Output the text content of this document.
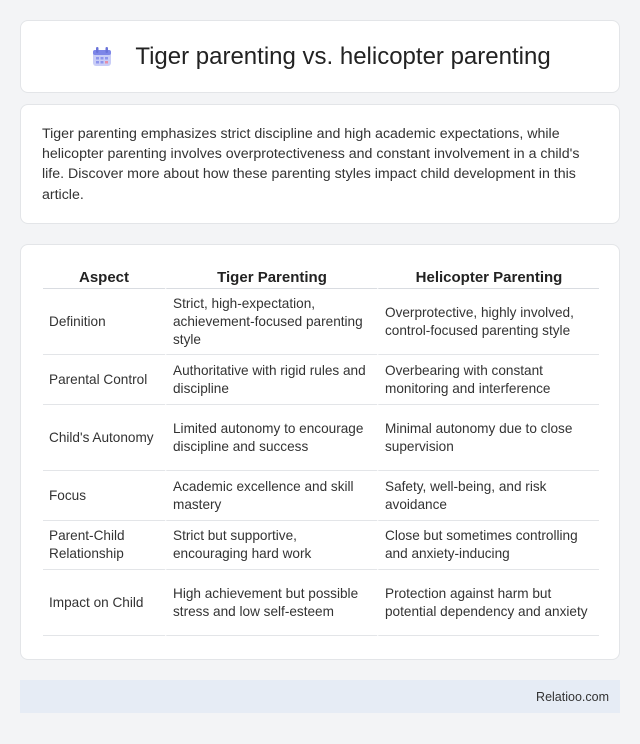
Tiger parenting vs. helicopter parenting

Tiger parenting emphasizes strict discipline and high academic expectations, while helicopter parenting involves overprotectiveness and constant involvement in a child's life. Discover more about how these parenting styles impact child development in this article.

Aspect	Tiger Parenting	Helicopter Parenting
Definition	Strict, high-expectation, achievement-focused parenting style	Overprotective, highly involved, control-focused parenting style
Parental Control	Authoritative with rigid rules and discipline	Overbearing with constant monitoring and interference
Child's Autonomy	Limited autonomy to encourage discipline and success	Minimal autonomy due to close supervision
Focus	Academic excellence and skill mastery	Safety, well-being, and risk avoidance
Parent-Child Relationship	Strict but supportive, encouraging hard work	Close but sometimes controlling and anxiety-inducing
Impact on Child	High achievement but possible stress and low self-esteem	Protection against harm but potential dependency and anxiety
Relatioo.com
